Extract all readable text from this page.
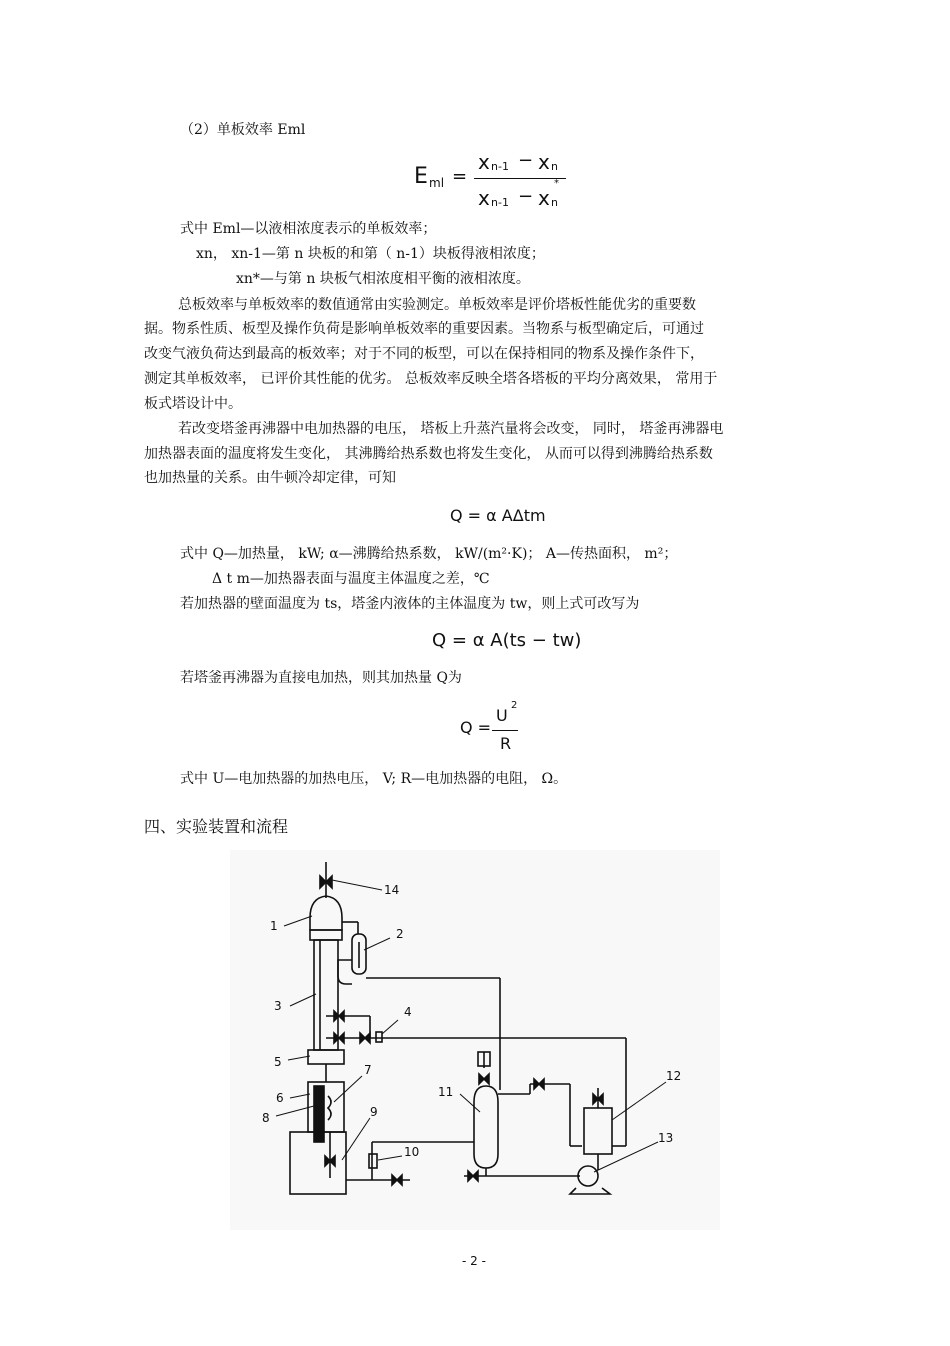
（2）单板效率 Eml
E ml =
x n-1 − x n
x n-1 − x n
*
式中 Eml—以液相浓度表示的单板效率；
xn， xn-1—第 n 块板的和第（ n-1）块板得液相浓度；
xn*—与第 n 块板气相浓度相平衡的液相浓度。
总板效率与单板效率的数值通常由实验测定。单板效率是评价塔板性能优劣的重要数
据。物系性质、板型及操作负荷是影响单板效率的重要因素。当物系与板型确定后，可通过
改变气液负荷达到最高的板效率；对于不同的板型，可以在保持相同的物系及操作条件下，
测定其单板效率， 已评价其性能的优劣。 总板效率反映全塔各塔板的平均分离效果， 常用于
板式塔设计中。
若改变塔釜再沸器中电加热器的电压， 塔板上升蒸汽量将会改变， 同时， 塔釜再沸器电
加热器表面的温度将发生变化， 其沸腾给热系数也将发生变化， 从而可以得到沸腾给热系数
也加热量的关系。由牛顿冷却定律，可知
Q = α AΔtm
式中 Q—加热量， kW; α—沸腾给热系数， kW/(m²·K)； A—传热面积， m²；
Δ t m—加热器表面与温度主体温度之差，℃
若加热器的壁面温度为 ts，塔釜内液体的主体温度为 tw，则上式可改写为
Q = α A(ts − tw)
若塔釜再沸器为直接电加热，则其加热量 Q为
Q =
U
2
R
式中 U—电加热器的加热电压， V; R—电加热器的电阻， Ω。
四、实验装置和流程
1
2
3	4
5
6
7
8	9
10
11
12
13
14
- 2 -
